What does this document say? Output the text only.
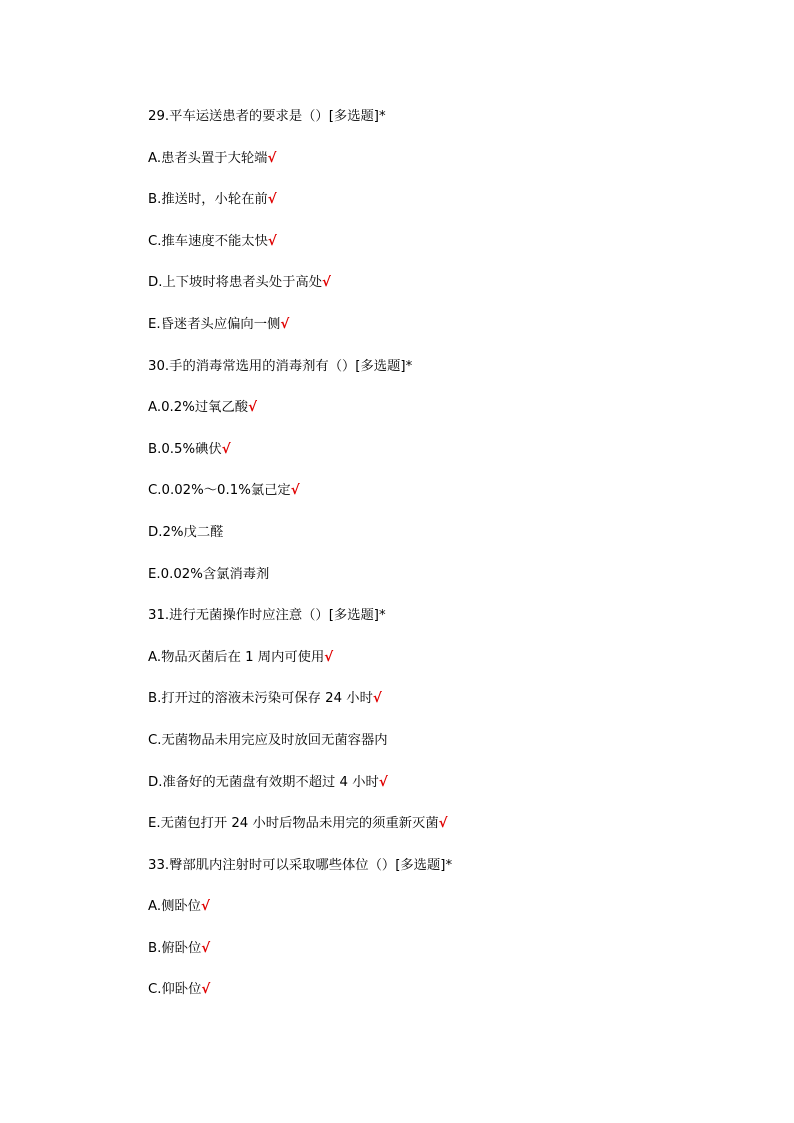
29.平车运送患者的要求是（）[多选题]*
A.患者头置于大轮端√
B.推送时，小轮在前√
C.推车速度不能太快√
D.上下坡时将患者头处于高处√
E.昏迷者头应偏向一侧√
30.手的消毒常选用的消毒剂有（）[多选题]*
A.0.2%过氧乙酸√
B.0.5%碘伏√
C.0.02%～0.1%氯己定√
D.2%戊二醛
E.0.02%含氯消毒剂
31.进行无菌操作时应注意（）[多选题]*
A.物品灭菌后在 1 周内可使用√
B.打开过的溶液未污染可保存 24 小时√
C.无菌物品未用完应及时放回无菌容器内
D.准备好的无菌盘有效期不超过 4 小时√
E.无菌包打开 24 小时后物品未用完的须重新灭菌√
33.臀部肌内注射时可以采取哪些体位（）[多选题]*
A.侧卧位√
B.俯卧位√
C.仰卧位√
